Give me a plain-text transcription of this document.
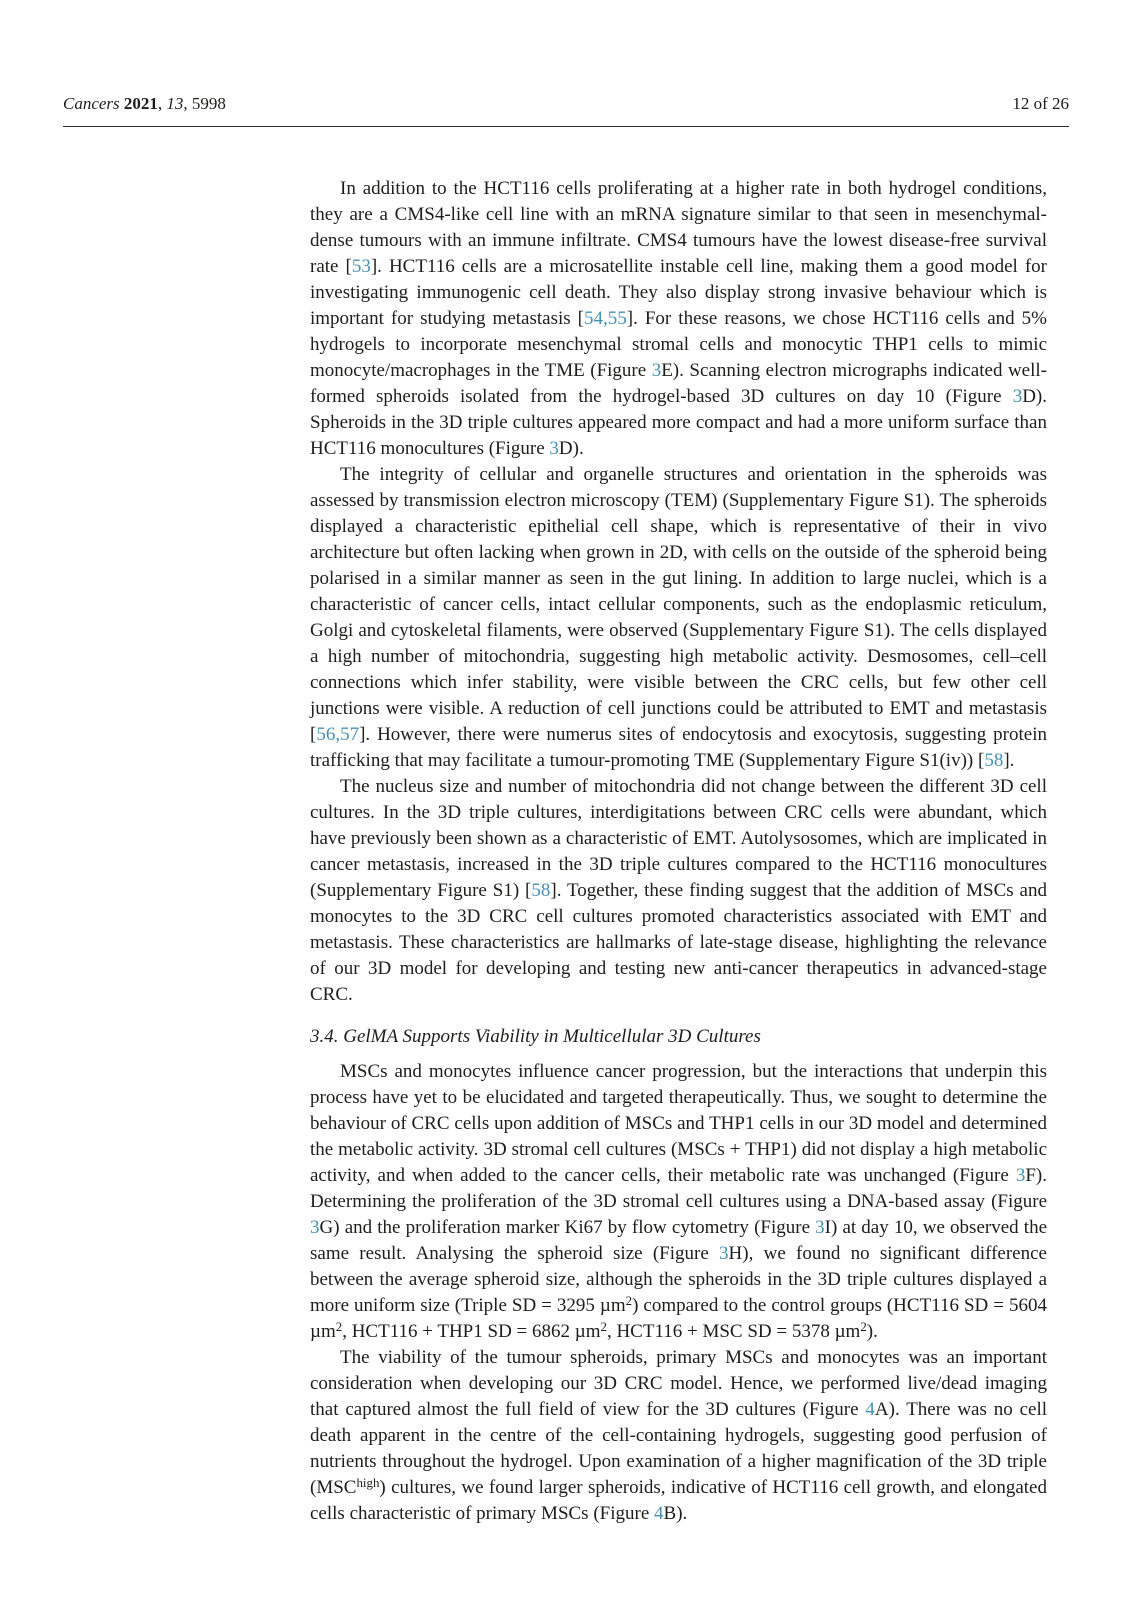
Cancers 2021, 13, 5998	12 of 26

In addition to the HCT116 cells proliferating at a higher rate in both hydrogel conditions, they are a CMS4-like cell line with an mRNA signature similar to that seen in mesenchymal-dense tumours with an immune infiltrate. CMS4 tumours have the lowest disease-free survival rate [53]. HCT116 cells are a microsatellite instable cell line, making them a good model for investigating immunogenic cell death. They also display strong invasive behaviour which is important for studying metastasis [54,55]. For these reasons, we chose HCT116 cells and 5% hydrogels to incorporate mesenchymal stromal cells and monocytic THP1 cells to mimic monocyte/macrophages in the TME (Figure 3E). Scanning electron micrographs indicated well-formed spheroids isolated from the hydrogel-based 3D cultures on day 10 (Figure 3D). Spheroids in the 3D triple cultures appeared more compact and had a more uniform surface than HCT116 monocultures (Figure 3D).

The integrity of cellular and organelle structures and orientation in the spheroids was assessed by transmission electron microscopy (TEM) (Supplementary Figure S1). The spheroids displayed a characteristic epithelial cell shape, which is representative of their in vivo architecture but often lacking when grown in 2D, with cells on the outside of the spheroid being polarised in a similar manner as seen in the gut lining. In addition to large nuclei, which is a characteristic of cancer cells, intact cellular components, such as the endoplasmic reticulum, Golgi and cytoskeletal filaments, were observed (Supplementary Figure S1). The cells displayed a high number of mitochondria, suggesting high metabolic activity. Desmosomes, cell–cell connections which infer stability, were visible between the CRC cells, but few other cell junctions were visible. A reduction of cell junctions could be attributed to EMT and metastasis [56,57]. However, there were numerus sites of endocytosis and exocytosis, suggesting protein trafficking that may facilitate a tumour-promoting TME (Supplementary Figure S1(iv)) [58].

The nucleus size and number of mitochondria did not change between the different 3D cell cultures. In the 3D triple cultures, interdigitations between CRC cells were abundant, which have previously been shown as a characteristic of EMT. Autolysosomes, which are implicated in cancer metastasis, increased in the 3D triple cultures compared to the HCT116 monocultures (Supplementary Figure S1) [58]. Together, these finding suggest that the addition of MSCs and monocytes to the 3D CRC cell cultures promoted characteristics associated with EMT and metastasis. These characteristics are hallmarks of late-stage disease, highlighting the relevance of our 3D model for developing and testing new anti-cancer therapeutics in advanced-stage CRC.

3.4. GelMA Supports Viability in Multicellular 3D Cultures

MSCs and monocytes influence cancer progression, but the interactions that underpin this process have yet to be elucidated and targeted therapeutically. Thus, we sought to determine the behaviour of CRC cells upon addition of MSCs and THP1 cells in our 3D model and determined the metabolic activity. 3D stromal cell cultures (MSCs + THP1) did not display a high metabolic activity, and when added to the cancer cells, their metabolic rate was unchanged (Figure 3F). Determining the proliferation of the 3D stromal cell cultures using a DNA-based assay (Figure 3G) and the proliferation marker Ki67 by flow cytometry (Figure 3I) at day 10, we observed the same result. Analysing the spheroid size (Figure 3H), we found no significant difference between the average spheroid size, although the spheroids in the 3D triple cultures displayed a more uniform size (Triple SD = 3295 µm$^2$) compared to the control groups (HCT116 SD = 5604 µm$^2$, HCT116 + THP1 SD = 6862 µm$^2$, HCT116 + MSC SD = 5378 µm$^2$).

The viability of the tumour spheroids, primary MSCs and monocytes was an important consideration when developing our 3D CRC model. Hence, we performed live/dead imaging that captured almost the full field of view for the 3D cultures (Figure 4A). There was no cell death apparent in the centre of the cell-containing hydrogels, suggesting good perfusion of nutrients throughout the hydrogel. Upon examination of a higher magnification of the 3D triple $(MSC^{high})$ cultures, we found larger spheroids, indicative of HCT116 cell growth, and elongated cells characteristic of primary MSCs (Figure 4B).
